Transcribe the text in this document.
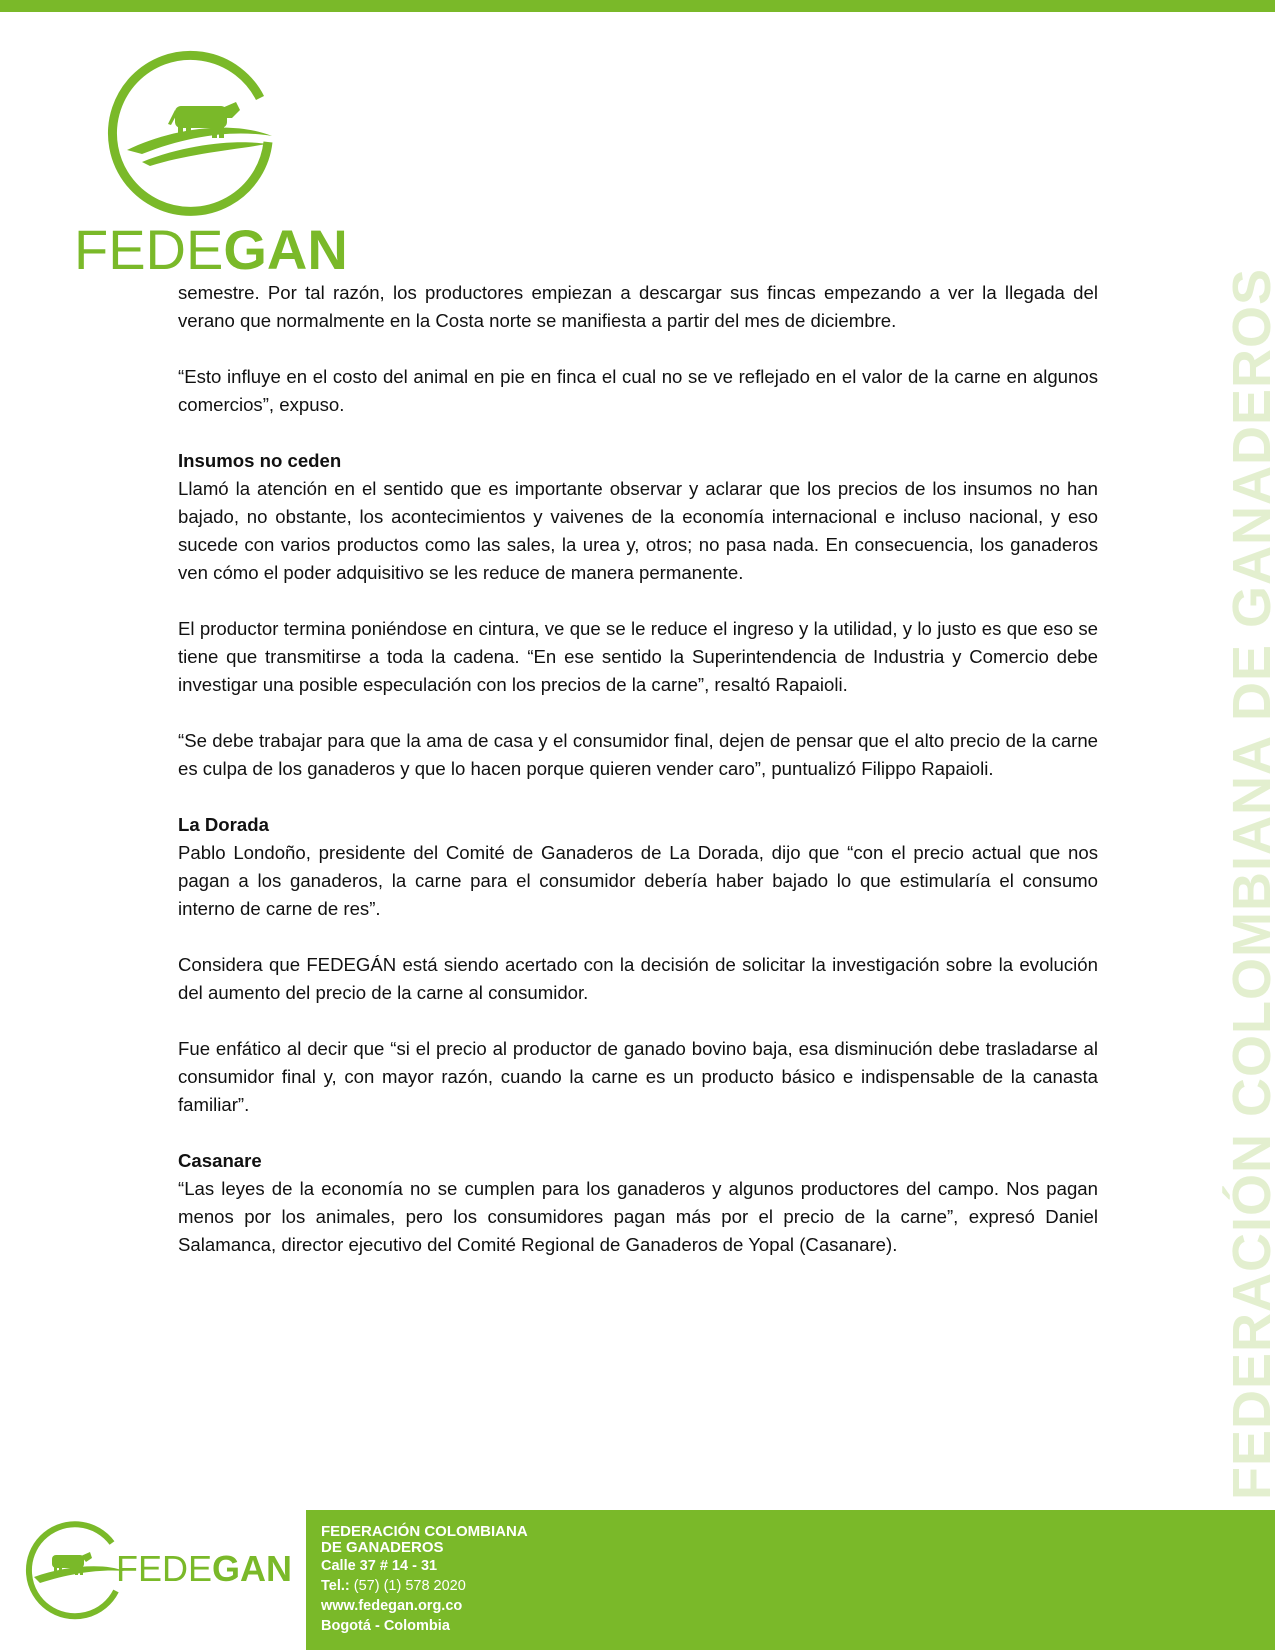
FEDEGAN
FEDERACIÓN COLOMBIANA DE GANADEROS

semestre. Por tal razón, los productores empiezan a descargar sus fincas empezando a ver la llegada del verano que normalmente en la Costa norte se manifiesta a partir del mes de diciembre.

“Esto influye en el costo del animal en pie en finca el cual no se ve reflejado en el valor de la carne en algunos comercios”, expuso.

Insumos no ceden

Llamó la atención en el sentido que es importante observar y aclarar que los precios de los insumos no han bajado, no obstante, los acontecimientos y vaivenes de la economía internacional e incluso nacional, y eso sucede con varios productos como las sales, la urea y, otros; no pasa nada. En consecuencia, los ganaderos ven cómo el poder adquisitivo se les reduce de manera permanente.

El productor termina poniéndose en cintura, ve que se le reduce el ingreso y la utilidad, y lo justo es que eso se tiene que transmitirse a toda la cadena. “En ese sentido la Superintendencia de Industria y Comercio debe investigar una posible especulación con los precios de la carne”, resaltó Rapaioli.

“Se debe trabajar para que la ama de casa y el consumidor final, dejen de pensar que el alto precio de la carne es culpa de los ganaderos y que lo hacen porque quieren vender caro”, puntualizó Filippo Rapaioli.

La Dorada

Pablo Londoño, presidente del Comité de Ganaderos de La Dorada, dijo que “con el precio actual que nos pagan a los ganaderos, la carne para el consumidor debería haber bajado lo que estimularía el consumo interno de carne de res”.

Considera que FEDEGÁN está siendo acertado con la decisión de solicitar la investigación sobre la evolución del aumento del precio de la carne al consumidor.

Fue enfático al decir que “si el precio al productor de ganado bovino baja, esa disminución debe trasladarse al consumidor final y, con mayor razón, cuando la carne es un producto básico e indispensable de la canasta familiar”.

Casanare

“Las leyes de la economía no se cumplen para los ganaderos y algunos productores del campo. Nos pagan menos por los animales, pero los consumidores pagan más por el precio de la carne”, expresó Daniel Salamanca, director ejecutivo del Comité Regional de Ganaderos de Yopal (Casanare).

FEDEGAN
FEDERACIÓN COLOMBIANA
DE GANADEROS
Calle 37 # 14 - 31
Tel.: (57) (1) 578 2020
www.fedegan.org.co
Bogotá - Colombia
